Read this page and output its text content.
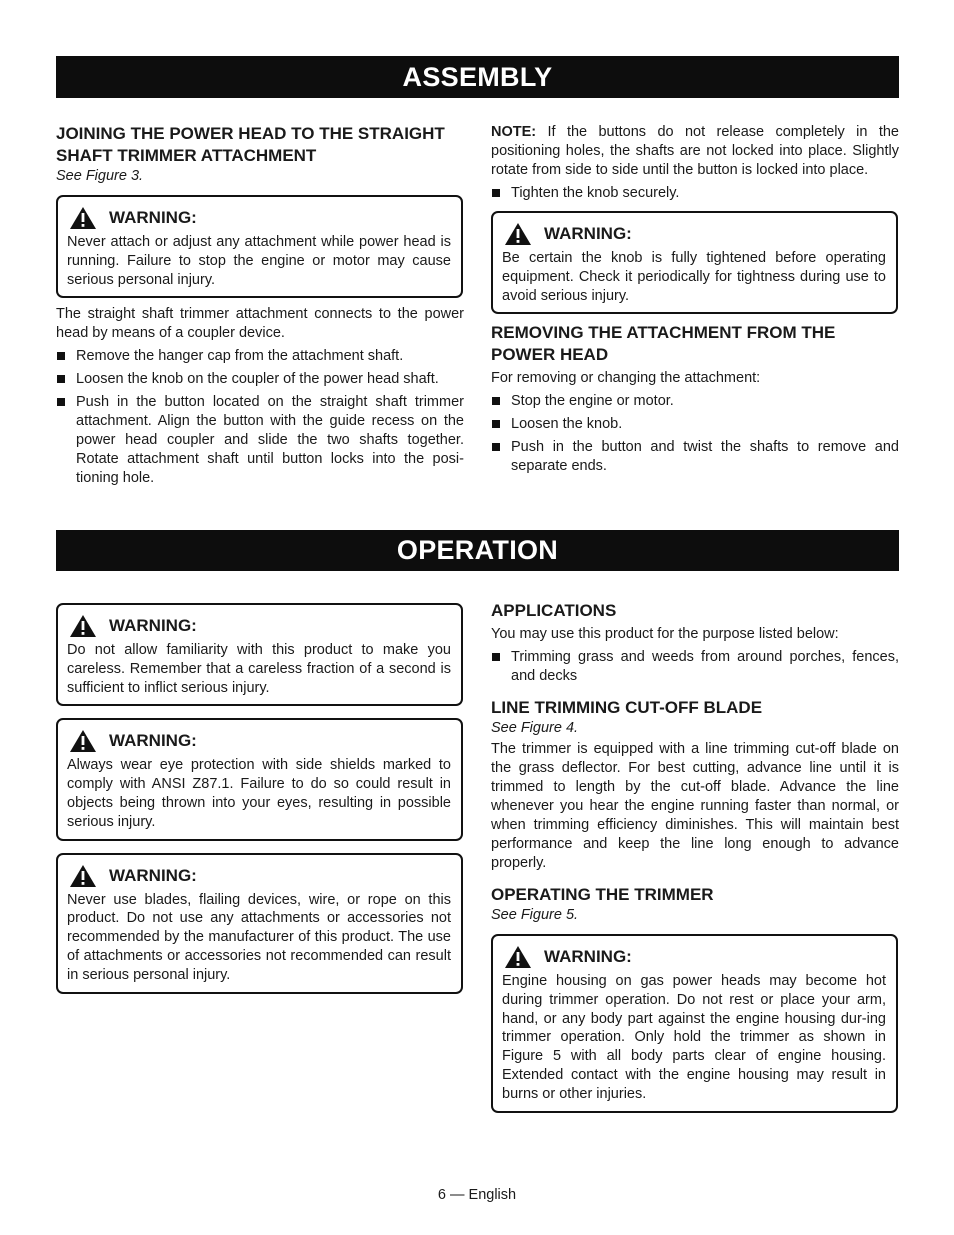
ASSEMBLY

JOINING THE POWER HEAD TO THE STRAIGHT SHAFT TRIMMER ATTACHMENT

See Figure 3.

WARNING:

Never attach or adjust any attachment while power head is running. Failure to stop the engine or motor may cause serious personal injury.

The straight shaft trimmer attachment connects to the power head by means of a coupler device.

Remove the hanger cap from the attachment shaft.
Loosen the knob on the coupler of the power head shaft.
Push in the button located on the straight shaft trimmer attachment. Align the button with the guide recess on the power head coupler and slide the two shafts together. Rotate attachment shaft until button locks into the posi-tioning hole.

NOTE: If the buttons do not release completely in the positioning holes, the shafts are not locked into place. Slightly rotate from side to side until the button is locked into place.

Tighten the knob securely.
WARNING:

Be certain the knob is fully tightened before operating equipment. Check it periodically for tightness during use to avoid serious injury.

REMOVING THE ATTACHMENT FROM THE POWER HEAD

For removing or changing the attachment:

Stop the engine or motor.
Loosen the knob.
Push in the button and twist the shafts to remove and separate ends.
OPERATION
WARNING:

Do not allow familiarity with this product to make you careless. Remember that a careless fraction of a second is sufficient to inflict serious injury.

WARNING:

Always wear eye protection with side shields marked to comply with ANSI Z87.1. Failure to do so could result in objects being thrown into your eyes, resulting in possible serious injury.

WARNING:

Never use blades, flailing devices, wire, or rope on this product. Do not use any attachments or accessories not recommended by the manufacturer of this product. The use of attachments or accessories not recommended can result in serious personal injury.

APPLICATIONS

You may use this product for the purpose listed below:

Trimming grass and weeds from around porches, fences, and decks

LINE TRIMMING CUT-OFF BLADE

See Figure 4.

The trimmer is equipped with a line trimming cut-off blade on the grass deflector. For best cutting, advance line until it is trimmed to length by the cut-off blade. Advance the line whenever you hear the engine running faster than normal, or when trimming efficiency diminishes. This will maintain best performance and keep the line long enough to advance properly.

OPERATING THE TRIMMER

See Figure 5.

WARNING:

Engine housing on gas power heads may become hot during trimmer operation. Do not rest or place your arm, hand, or any body part against the engine housing dur-ing trimmer operation. Only hold the trimmer as shown in Figure 5 with all body parts clear of engine housing. Extended contact with the engine housing may result in burns or other injuries.

6 — English
